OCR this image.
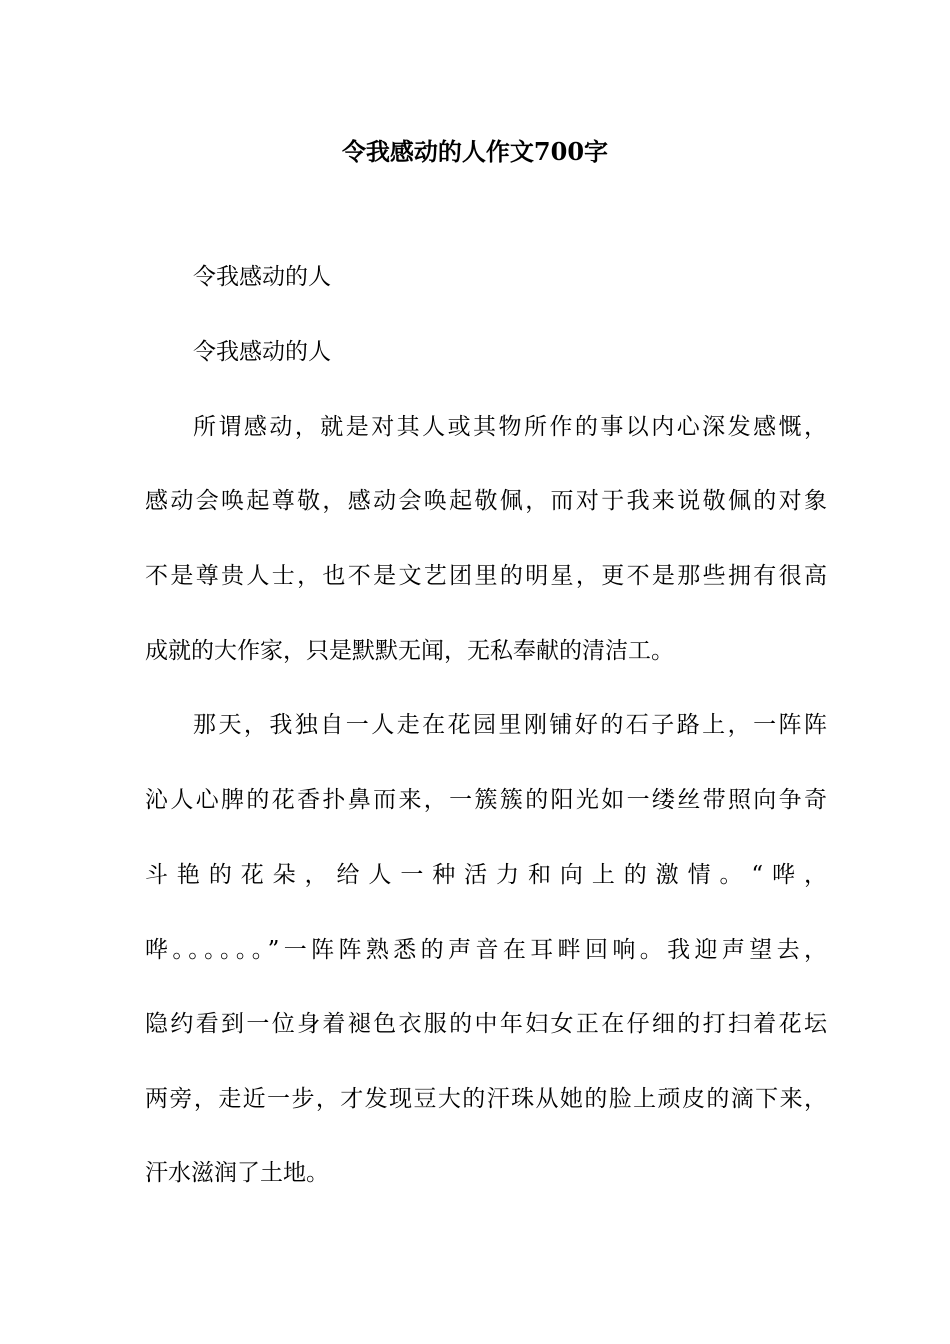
令我感动的人作文700字
令我感动的人
令我感动的人
所谓感动，就是对其人或其物所作的事以内心深发感慨，
感动会唤起尊敬，感动会唤起敬佩，而对于我来说敬佩的对象
不是尊贵人士，也不是文艺团里的明星，更不是那些拥有很高
成就的大作家，只是默默无闻，无私奉献的清洁工。
那天，我独自一人走在花园里刚铺好的石子路上，一阵阵
沁人心脾的花香扑鼻而来，一簇簇的阳光如一缕丝带照向争奇
斗艳的花朵，给人一种活力和向上的激情。“哗，
哗。。。。。。”一阵阵熟悉的声音在耳畔回响。我迎声望去，
隐约看到一位身着褪色衣服的中年妇女正在仔细的打扫着花坛
两旁，走近一步，才发现豆大的汗珠从她的脸上顽皮的滴下来，
汗水滋润了土地。
